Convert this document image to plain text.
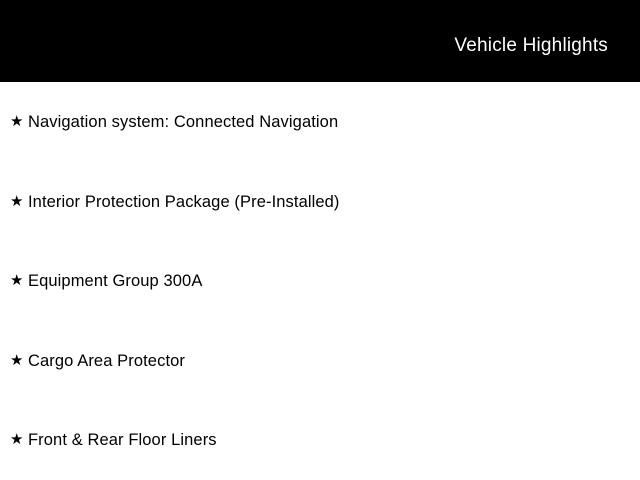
Vehicle Highlights
★ Navigation system: Connected Navigation
★ Interior Protection Package (Pre-Installed)
★ Equipment Group 300A
★ Cargo Area Protector
★ Front & Rear Floor Liners
